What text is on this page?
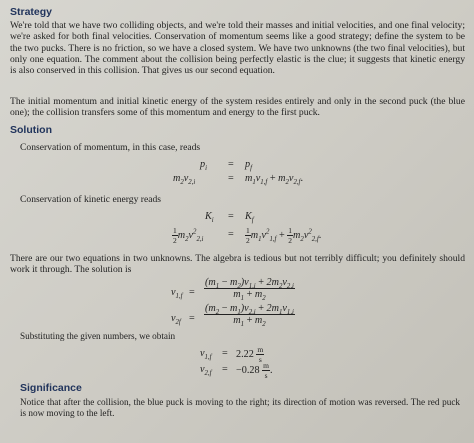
Strategy
We're told that we have two colliding objects, and we're told their masses and initial velocities, and one final velocity; we're asked for both final velocities. Conservation of momentum seems like a good strategy; define the system to be the two pucks. There is no friction, so we have a closed system. We have two unknowns (the two final velocities), but only one equation. The comment about the collision being perfectly elastic is the clue; it suggests that kinetic energy is also conserved in this collision. That gives us our second equation.
The initial momentum and initial kinetic energy of the system resides entirely and only in the second puck (the blue one); the collision transfers some of this momentum and energy to the first puck.
Solution
Conservation of momentum, in this case, reads
$p_i = p_f$
$m_2v_{2,i}$	= $m_1v_{1,f} + m_2v_{2,f}$.
Conservation of kinetic energy reads
$K_i = K_f$
$\frac{1}{2} m_2v^2_{2,i} = \frac{1}{2} m_1v^2_{1,f} + \frac{1}{2} m_2v^2_{2,f}$.
There are our two equations in two unknowns. The algebra is tedious but not terribly difficult; you definitely should work it through. The solution is
$v_{1,f} = \frac{(m_1 - m_2)v_{1,i} + 2m_2v_{2,i}}{m_1 + m_2}$
$v_{2f} = \frac{(m_2 - m_1)v_{2,i} + 2m_1v_{1,i}}{m_1 + m_2}$
Substituting the given numbers, we obtain
$v_{1,f} = 2.22 \frac{m}{s}$
$v_{2,f} = -0.28 \frac{m}{s}$ .
Significance
Notice that after the collision, the blue puck is moving to the right; its direction of motion was reversed. The red puck is now moving to the left.
